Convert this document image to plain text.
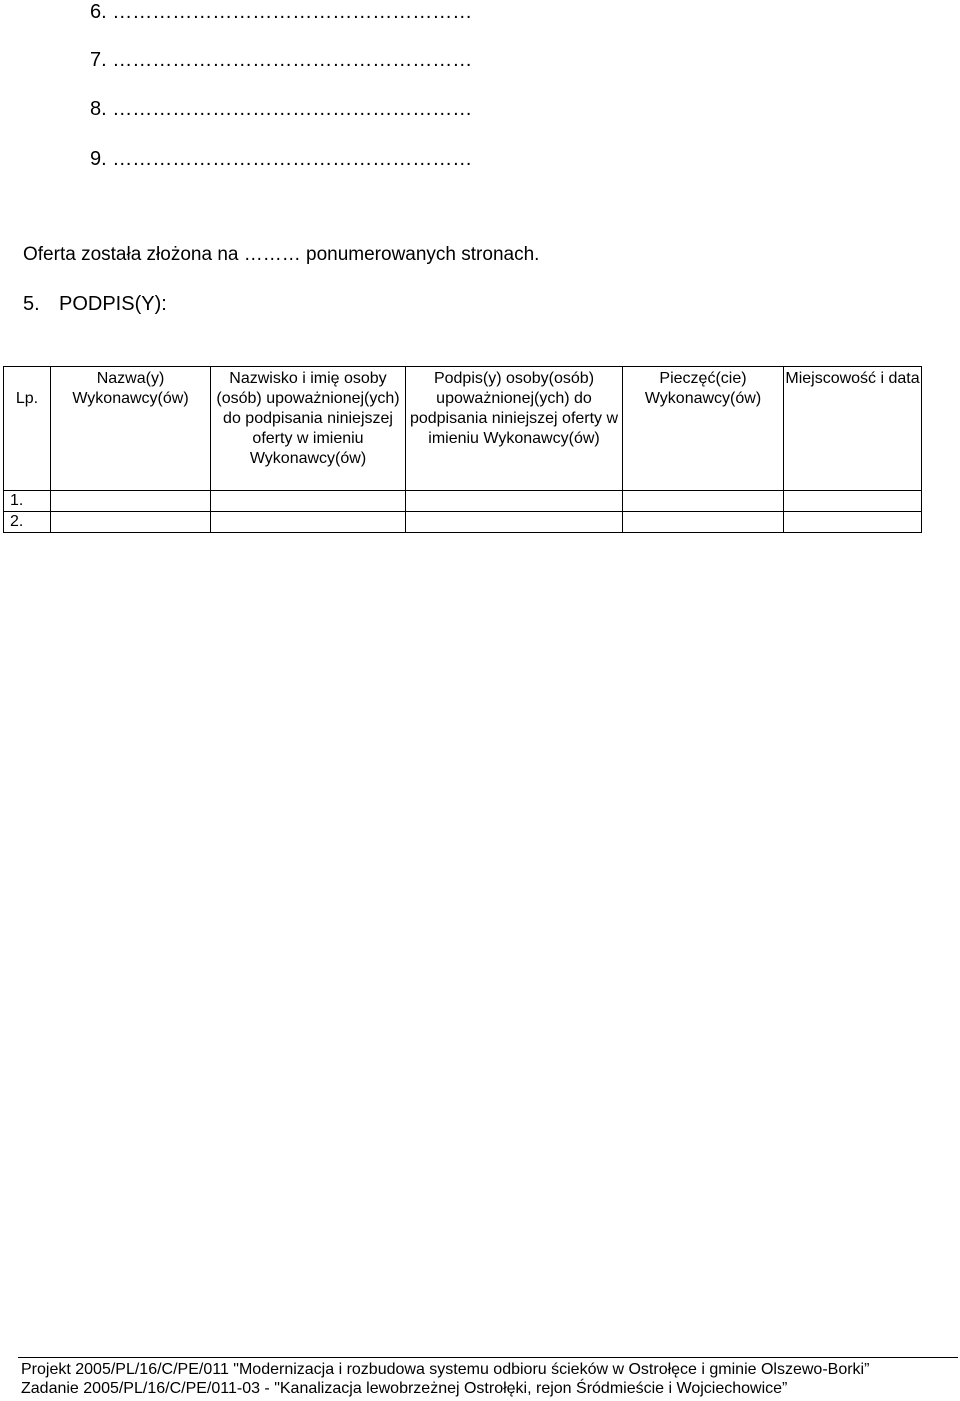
6. ………………………………………………
7. ………………………………………………
8. ………………………………………………
9. ………………………………………………
Oferta została złożona na ……… ponumerowanych stronach.
5. PODPIS(Y):
Lp.	Nazwa(y) Wykonawcy(ów)	Nazwisko i imię osoby (osób) upoważnionej(ych) do podpisania niniejszej oferty w imieniu Wykonawcy(ów)	Podpis(y) osoby(osób) upoważnionej(ych) do podpisania niniejszej oferty w imieniu Wykonawcy(ów)	Pieczęć(cie) Wykonawcy(ów)	Miejscowość i data
1.					
2.					
Projekt 2005/PL/16/C/PE/011 "Modernizacja i rozbudowa systemu odbioru ścieków w Ostrołęce i gminie Olszewo-Borki”
Zadanie 2005/PL/16/C/PE/011-03 - "Kanalizacja lewobrzeżnej Ostrołęki, rejon Śródmieście i Wojciechowice”
